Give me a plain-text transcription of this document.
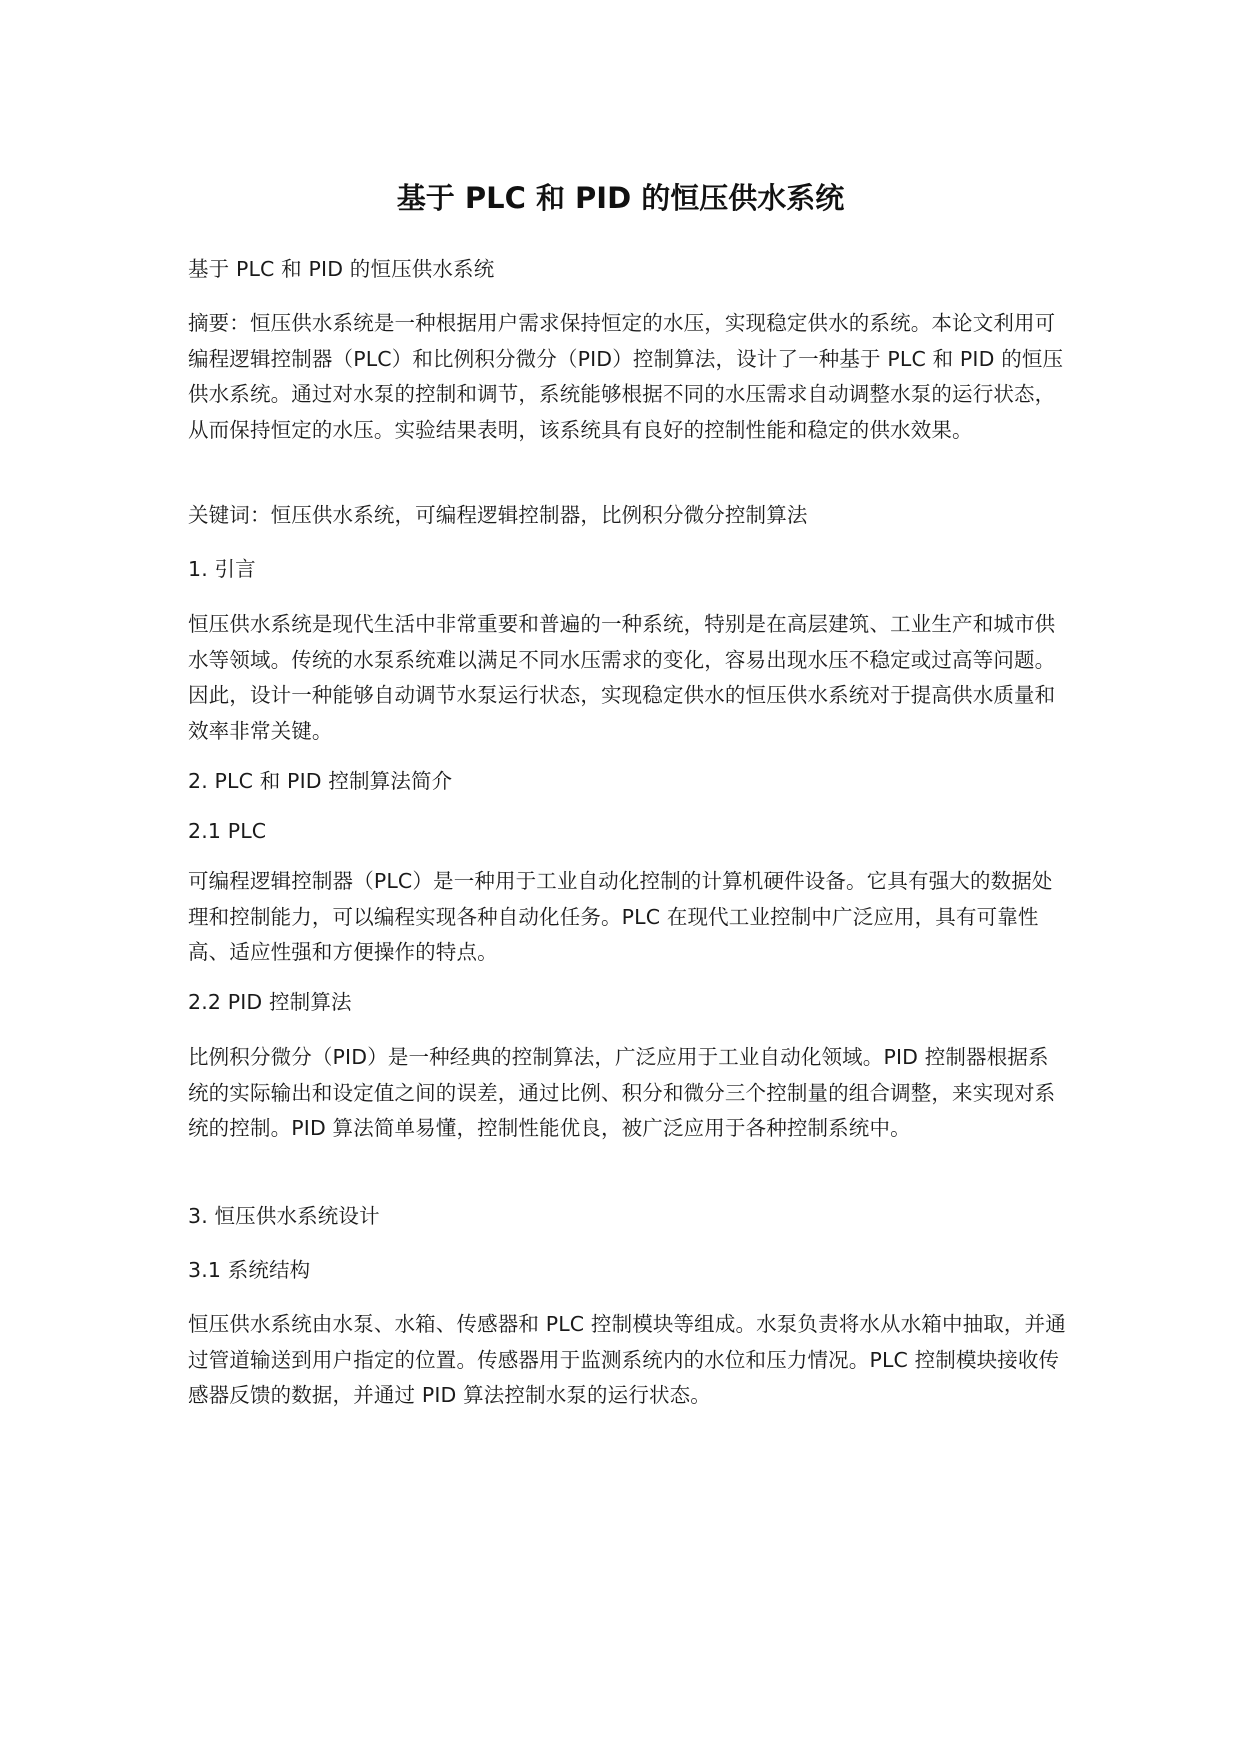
基于 PLC 和 PID 的恒压供水系统

基于 PLC 和 PID 的恒压供水系统

摘要：恒压供水系统是一种根据用户需求保持恒定的水压，实现稳定供水的系统。本论文利用可编程逻辑控制器（PLC）和比例积分微分（PID）控制算法，设计了一种基于 PLC 和 PID 的恒压供水系统。通过对水泵的控制和调节，系统能够根据不同的水压需求自动调整水泵的运行状态，从而保持恒定的水压。实验结果表明，该系统具有良好的控制性能和稳定的供水效果。

关键词：恒压供水系统，可编程逻辑控制器，比例积分微分控制算法

1. 引言

恒压供水系统是现代生活中非常重要和普遍的一种系统，特别是在高层建筑、工业生产和城市供水等领域。传统的水泵系统难以满足不同水压需求的变化，容易出现水压不稳定或过高等问题。因此，设计一种能够自动调节水泵运行状态，实现稳定供水的恒压供水系统对于提高供水质量和效率非常关键。

2. PLC 和 PID 控制算法简介

2.1 PLC

可编程逻辑控制器（PLC）是一种用于工业自动化控制的计算机硬件设备。它具有强大的数据处理和控制能力，可以编程实现各种自动化任务。PLC 在现代工业控制中广泛应用，具有可靠性高、适应性强和方便操作的特点。

2.2 PID 控制算法

比例积分微分（PID）是一种经典的控制算法，广泛应用于工业自动化领域。PID 控制器根据系统的实际输出和设定值之间的误差，通过比例、积分和微分三个控制量的组合调整，来实现对系统的控制。PID 算法简单易懂，控制性能优良，被广泛应用于各种控制系统中。

3. 恒压供水系统设计

3.1 系统结构

恒压供水系统由水泵、水箱、传感器和 PLC 控制模块等组成。水泵负责将水从水箱中抽取，并通过管道输送到用户指定的位置。传感器用于监测系统内的水位和压力情况。PLC 控制模块接收传感器反馈的数据，并通过 PID 算法控制水泵的运行状态。
